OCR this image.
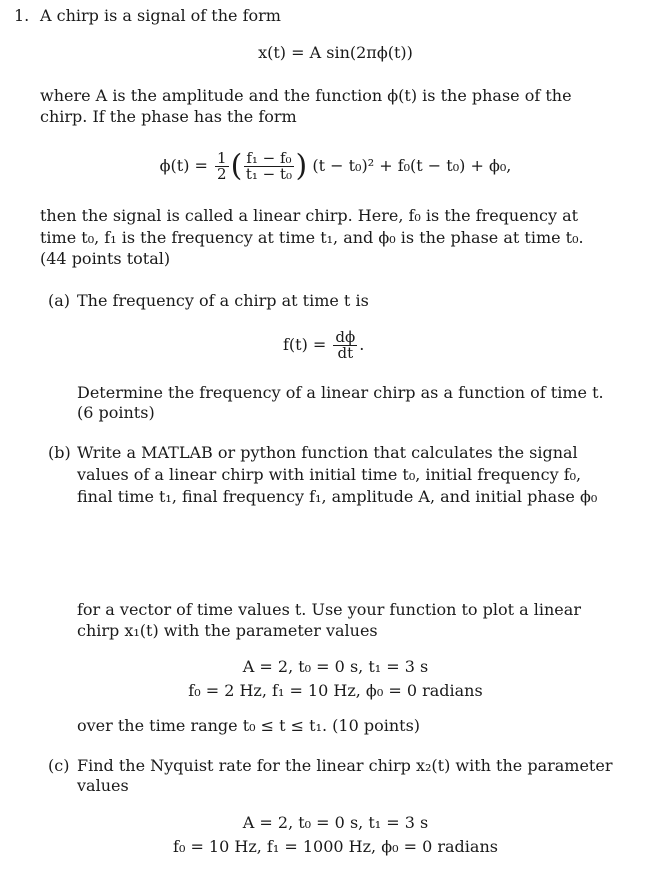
1. A chirp is a signal of the form
x(t) = A sin(2πϕ(t))
where A is the amplitude and the function ϕ(t) is the phase of the
chirp. If the phase has the form
$\phi(t) = \frac{1}{2}$ ( $\frac{\text{f₁ − f₀}}{\text{t₁ − t₀}}$ ) (t − t₀)² + f₀(t − t₀) + ϕ₀,
then the signal is called a linear chirp. Here, f₀ is the frequency at
time t₀, f₁ is the frequency at time t₁, and ϕ₀ is the phase at time t₀.
(44 points total)
(a) The frequency of a chirp at time t is
$f(t) = \frac{d\phi}{dt}$ .
Determine the frequency of a linear chirp as a function of time t.
(6 points)
(b) Write a MATLAB or python function that calculates the signal
values of a linear chirp with initial time t₀, initial frequency f₀,
final time t₁, final frequency f₁, amplitude A, and initial phase ϕ₀
for a vector of time values t. Use your function to plot a linear
chirp x₁(t) with the parameter values
A = 2, t₀ = 0 s, t₁ = 3 s
f₀ = 2 Hz, f₁ = 10 Hz, ϕ₀ = 0 radians
over the time range t₀ ≤ t ≤ t₁. (10 points)
(c) Find the Nyquist rate for the linear chirp x₂(t) with the parameter
values
A = 2, t₀ = 0 s, t₁ = 3 s
f₀ = 10 Hz, f₁ = 1000 Hz, ϕ₀ = 0 radians
